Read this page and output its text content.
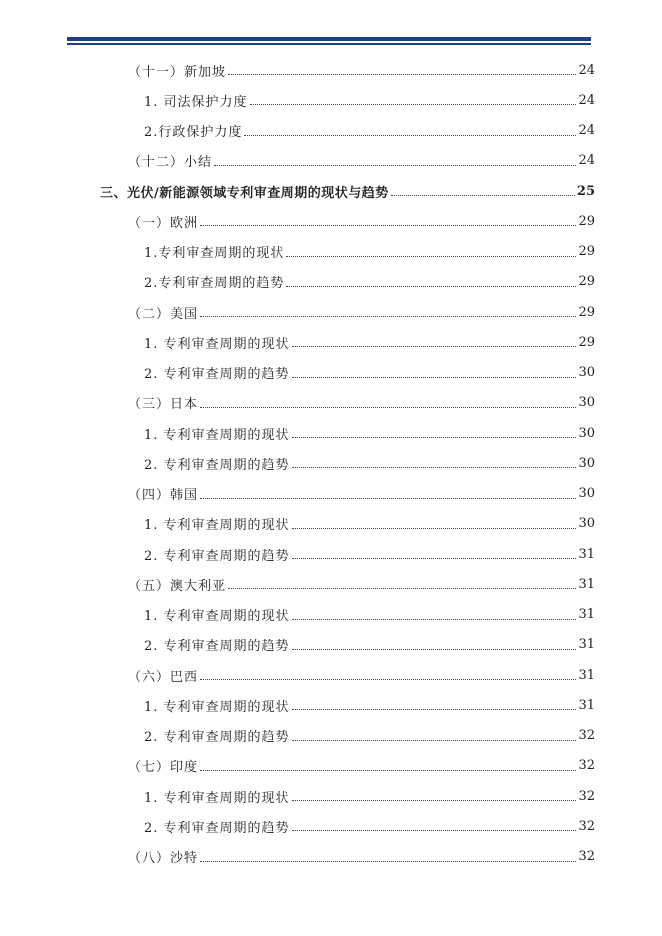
（十一）新加坡	24
1. 司法保护力度	24
2.行政保护力度	24
（十二）小结	24
三、光伏/新能源领域专利审查周期的现状与趋势	25
（一）欧洲	29
1.专利审查周期的现状	29
2.专利审查周期的趋势	29
（二）美国	29
1. 专利审查周期的现状	29
2. 专利审查周期的趋势	30
（三）日本	30
1. 专利审查周期的现状	30
2. 专利审查周期的趋势	30
（四）韩国	30
1. 专利审查周期的现状	30
2. 专利审查周期的趋势	31
（五）澳大利亚	31
1. 专利审查周期的现状	31
2. 专利审查周期的趋势	31
（六）巴西	31
1. 专利审查周期的现状	31
2. 专利审查周期的趋势	32
（七）印度	32
1. 专利审查周期的现状	32
2. 专利审查周期的趋势	32
（八）沙特	32
